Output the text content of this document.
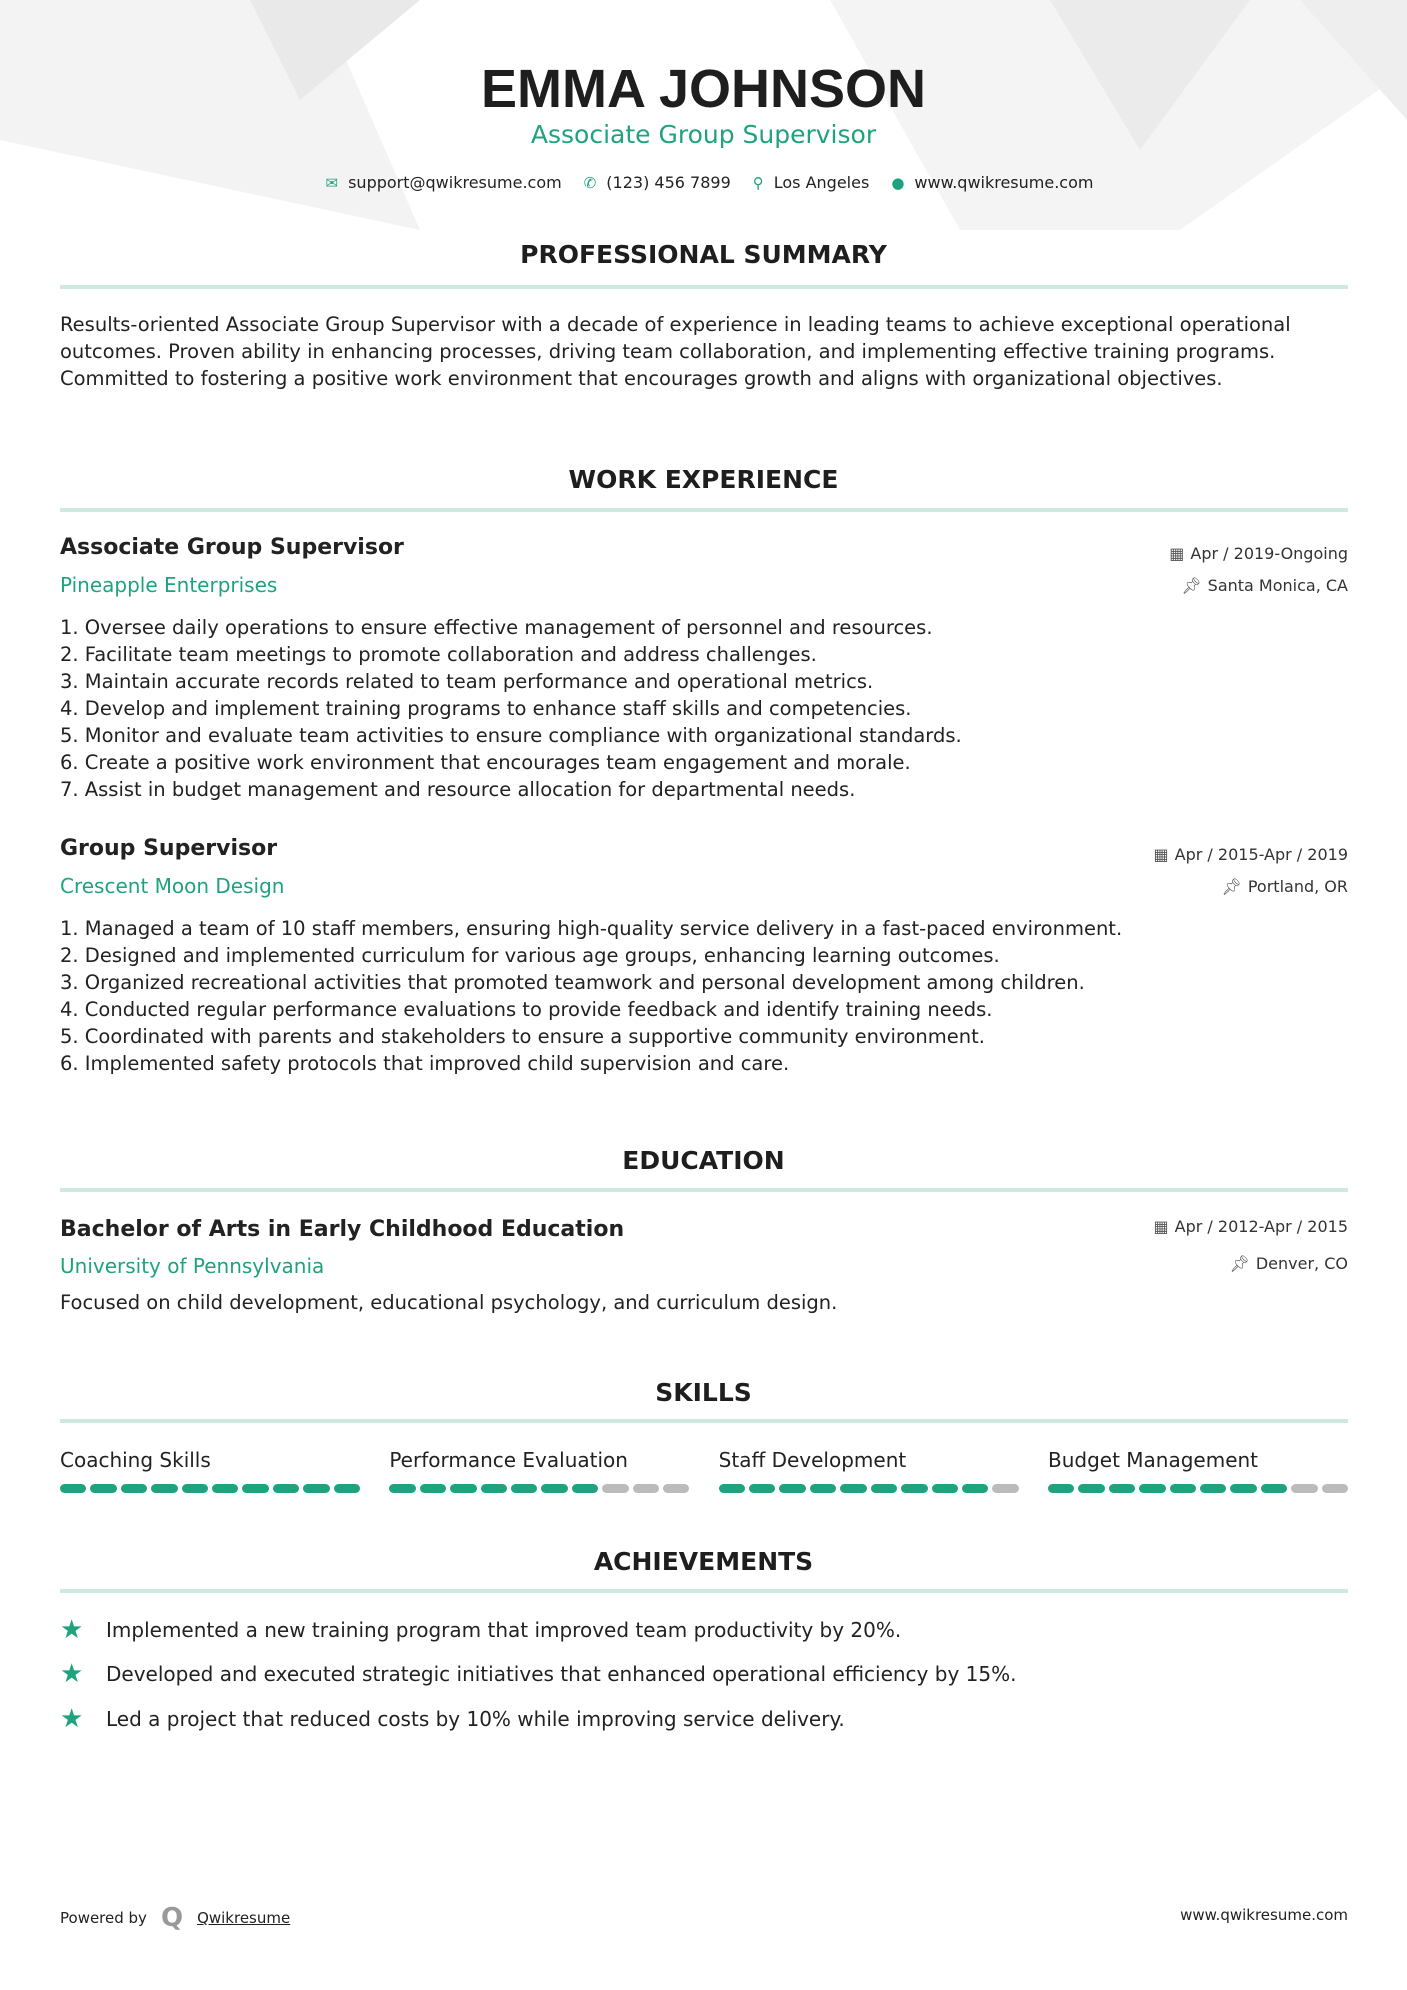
EMMA JOHNSON
Associate Group Supervisor
✉ support@qwikresume.com ✆ (123) 456 7899 ⚲ Los Angeles ● www.qwikresume.com
PROFESSIONAL SUMMARY
Results-oriented Associate Group Supervisor with a decade of experience in leading teams to achieve exceptional operational outcomes. Proven ability in enhancing processes, driving team collaboration, and implementing effective training programs. Committed to fostering a positive work environment that encourages growth and aligns with organizational objectives.
WORK EXPERIENCE
Associate Group Supervisor	▦ Apr / 2019-Ongoing
Pineapple Enterprises	📌︎ Santa Monica, CA
1. Oversee daily operations to ensure effective management of personnel and resources.
2. Facilitate team meetings to promote collaboration and address challenges.
3. Maintain accurate records related to team performance and operational metrics.
4. Develop and implement training programs to enhance staff skills and competencies.
5. Monitor and evaluate team activities to ensure compliance with organizational standards.
6. Create a positive work environment that encourages team engagement and morale.
7. Assist in budget management and resource allocation for departmental needs.
Group Supervisor	▦ Apr / 2015-Apr / 2019
Crescent Moon Design	📌︎ Portland, OR
1. Managed a team of 10 staff members, ensuring high-quality service delivery in a fast-paced environment.
2. Designed and implemented curriculum for various age groups, enhancing learning outcomes.
3. Organized recreational activities that promoted teamwork and personal development among children.
4. Conducted regular performance evaluations to provide feedback and identify training needs.
5. Coordinated with parents and stakeholders to ensure a supportive community environment.
6. Implemented safety protocols that improved child supervision and care.
EDUCATION
Bachelor of Arts in Early Childhood Education	▦ Apr / 2012-Apr / 2015
University of Pennsylvania	📌︎ Denver, CO
Focused on child development, educational psychology, and curriculum design.
SKILLS
Coaching Skills	Performance Evaluation	Staff Development	Budget Management
ACHIEVEMENTS
★	Implemented a new training program that improved team productivity by 20%.
★	Developed and executed strategic initiatives that enhanced operational efficiency by 15%.
★	Led a project that reduced costs by 10% while improving service delivery.
Powered by Q Qwikresume	www.qwikresume.com
